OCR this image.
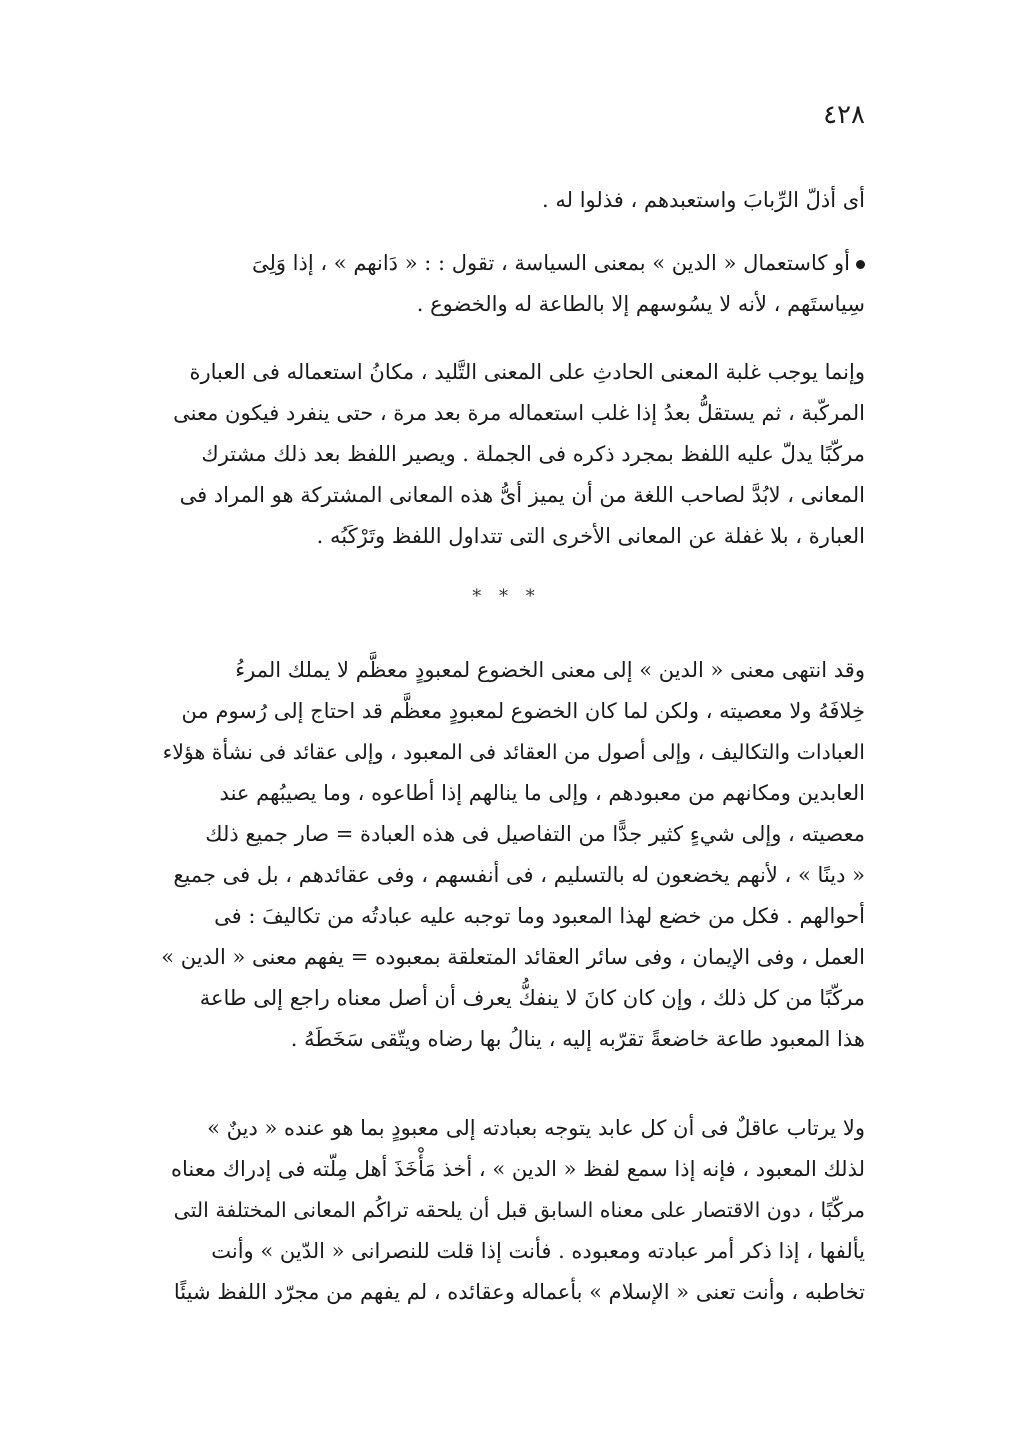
٤٢٨
أى أذلّ الرِّبابَ واستعبدهم ، فذلوا له .
أو كاستعمال « الدين » بمعنى السياسة ، تقول : : « دَانهم » ، إذا وَلِىَ
سِياستَهم ، لأنه لا يسُوسهم إلا بالطاعة له والخضوع .
وإنما يوجب غلبة المعنى الحادثِ على المعنى التَّليد ، مكانُ استعماله فى العبارة
المركّبة ، ثم يستقلُّ بعدُ إذا غلب استعماله مرة بعد مرة ، حتى ينفرد فيكون معنى
مركّبًا يدلّ عليه اللفظ بمجرد ذكره فى الجملة . ويصير اللفظ بعد ذلك مشترك
المعانى ، لابُدَّ لصاحب اللغة من أن يميز أىُّ هذه المعانى المشتركة هو المراد فى
العبارة ، بلا غفلة عن المعانى الأخرى التى تتداول اللفظ وتَرْكَبُه .
* * *
وقد انتهى معنى « الدين » إلى معنى الخضوع لمعبودٍ معظَّم لا يملك المرءُ
خِلافَهُ ولا معصيته ، ولكن لما كان الخضوع لمعبودٍ معظَّم قد احتاج إلى رُسوم من
العبادات والتكاليف ، وإلى أصول من العقائد فى المعبود ، وإلى عقائد فى نشأة هؤلاء
العابدين ومكانهم من معبودهم ، وإلى ما ينالهم إذا أطاعوه ، وما يصيبُهم عند
معصيته ، وإلى شيءٍ كثير جدًّا من التفاصيل فى هذه العبادة = صار جميع ذلك
« دينًا » ، لأنهم يخضعون له بالتسليم ، فى أنفسهم ، وفى عقائدهم ، بل فى جميع
أحوالهم . فكل من خضع لهذا المعبود وما توجبه عليه عبادتُه من تكاليفَ : فى
العمل ، وفى الإيمان ، وفى سائر العقائد المتعلقة بمعبوده = يفهم معنى « الدين »
مركّبًا من كل ذلك ، وإن كان كانَ لا ينفكُّ يعرف أن أصل معناه راجع إلى طاعة
هذا المعبود طاعة خاضعةً تقرّبه إليه ، ينالُ بها رضاه ويتّقى سَخَطَهُ .
ولا يرتاب عاقلٌ فى أن كل عابد يتوجه بعبادته إلى معبودٍ بما هو عنده « دينٌ »
لذلك المعبود ، فإنه إذا سمع لفظ « الدين » ، أخذ مَأْخَذَ أهل مِلّته فى إدراك معناه
مركّبًا ، دون الاقتصار على معناه السابق قبل أن يلحقه تراكُم المعانى المختلفة التى
يألفها ، إذا ذكر أمر عبادته ومعبوده . فأنت إذا قلت للنصرانى « الدّين » وأنت
تخاطبه ، وأنت تعنى « الإسلام » بأعماله وعقائده ، لم يفهم من مجرّد اللفظ شيئًا
